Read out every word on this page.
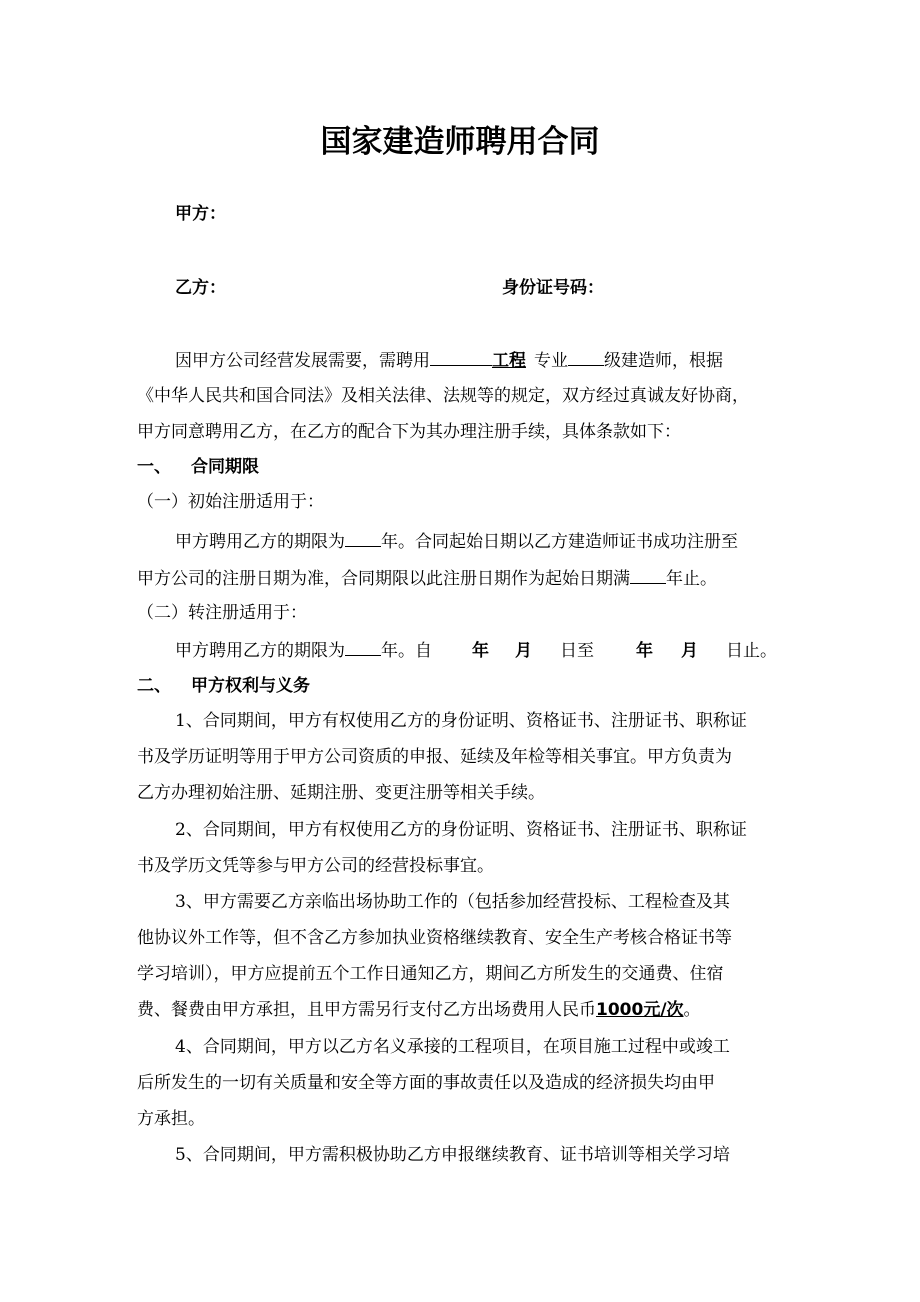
国家建造师聘用合同
甲方：
乙方：	身份证号码：
因甲方公司经营发展需要，需聘用	工程 专业 级建造师，根据
《中华人民共和国合同法》及相关法律、法规等的规定，双方经过真诚友好协商，
甲方同意聘用乙方，在乙方的配合下为其办理注册手续，具体条款如下：
一、 合同期限
（一）初始注册适用于：
甲方聘用乙方的期限为 年。合同起始日期以乙方建造师证书成功注册至
甲方公司的注册日期为准，合同期限以此注册日期作为起始日期满 年止。
（二）转注册适用于：
甲方聘用乙方的期限为 年。自 年 月 日至 年 月 日止。
二、 甲方权利与义务
1、合同期间，甲方有权使用乙方的身份证明、资格证书、注册证书、职称证
书及学历证明等用于甲方公司资质的申报、延续及年检等相关事宜。甲方负责为
乙方办理初始注册、延期注册、变更注册等相关手续。
2、合同期间，甲方有权使用乙方的身份证明、资格证书、注册证书、职称证
书及学历文凭等参与甲方公司的经营投标事宜。
3、甲方需要乙方亲临出场协助工作的（包括参加经营投标、工程检查及其
他协议外工作等，但不含乙方参加执业资格继续教育、安全生产考核合格证书等
学习培训），甲方应提前五个工作日通知乙方，期间乙方所发生的交通费、住宿
费、餐费由甲方承担，且甲方需另行支付乙方出场费用人民币1000元/次。
4、合同期间，甲方以乙方名义承接的工程项目，在项目施工过程中或竣工
后所发生的一切有关质量和安全等方面的事故责任以及造成的经济损失均由甲
方承担。
5、合同期间，甲方需积极协助乙方申报继续教育、证书培训等相关学习培
